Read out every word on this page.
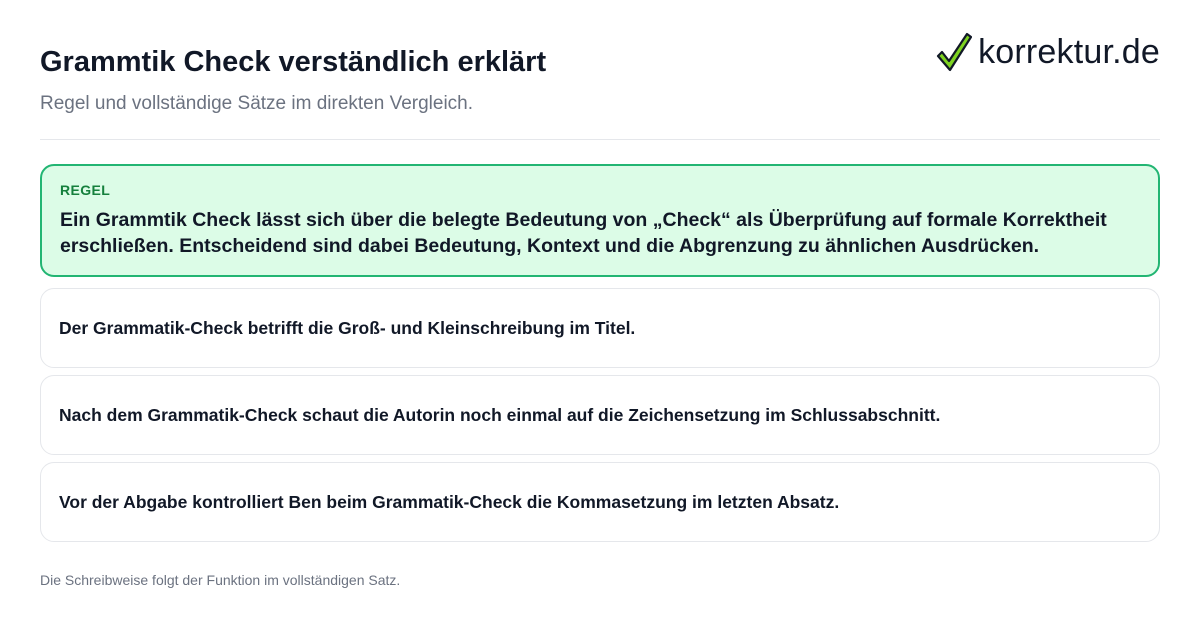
Grammtik Check verständlich erklärt

Regel und vollständige Sätze im direkten Vergleich.

korrektur.de

REGEL

Ein Grammtik Check lässt sich über die belegte Bedeutung von „Check“ als Überprüfung auf formale Korrektheit erschließen. Entscheidend sind dabei Bedeutung, Kontext und die Abgrenzung zu ähnlichen Ausdrücken.

Der Grammatik-Check betrifft die Groß- und Kleinschreibung im Titel.
Nach dem Grammatik-Check schaut die Autorin noch einmal auf die Zeichensetzung im Schlussabschnitt.
Vor der Abgabe kontrolliert Ben beim Grammatik-Check die Kommasetzung im letzten Absatz.

Die Schreibweise folgt der Funktion im vollständigen Satz.
